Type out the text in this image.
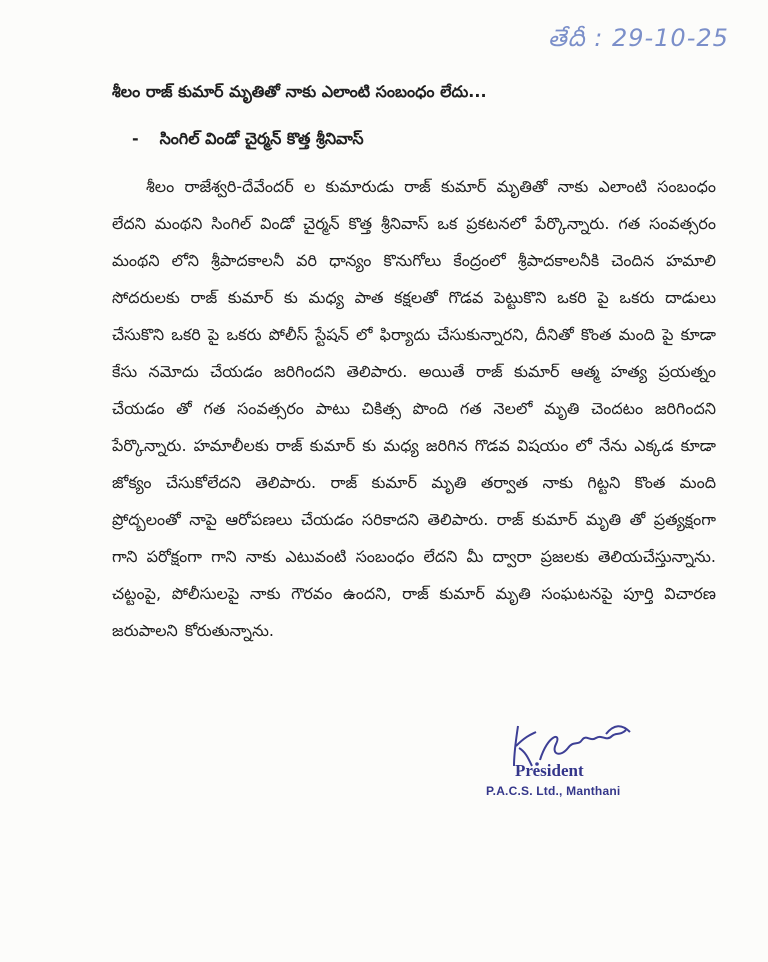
తేదీ : 29-10-25
శీలం రాజ్ కుమార్ మృతితో నాకు ఎలాంటి సంబంధం లేదు...
- సింగిల్ విండో చైర్మన్ కొత్త శ్రీనివాస్

శీలం రాజేశ్వరి-దేవేందర్ ల కుమారుడు రాజ్ కుమార్ మృతితో నాకు ఎలాంటి సంబంధం లేదని మంథని సింగిల్ విండో చైర్మన్ కొత్త శ్రీనివాస్ ఒక ప్రకటనలో పేర్కొన్నారు. గత సంవత్సరం మంథని లోని శ్రీపాదకాలనీ వరి ధాన్యం కొనుగోలు కేంద్రంలో శ్రీపాదకాలనీకి చెందిన హమాలి సోదరులకు రాజ్ కుమార్ కు మధ్య పాత కక్షలతో గొడవ పెట్టుకొని ఒకరి పై ఒకరు దాడులు చేసుకొని ఒకరి పై ఒకరు పోలీస్ స్టేషన్ లో ఫిర్యాదు చేసుకున్నారని, దీనితో కొంత మంది పై కూడా కేసు నమోదు చేయడం జరిగిందని తెలిపారు. అయితే రాజ్ కుమార్ ఆత్మ హత్య ప్రయత్నం చేయడం తో గత సంవత్సరం పాటు చికిత్స పొంది గత నెలలో మృతి చెందటం జరిగిందని పేర్కొన్నారు. హమాలీలకు రాజ్ కుమార్ కు మధ్య జరిగిన గొడవ విషయం లో నేను ఎక్కడ కూడా జోక్యం చేసుకోలేదని తెలిపారు. రాజ్ కుమార్ మృతి తర్వాత నాకు గిట్టని కొంత మంది ప్రోద్బలంతో నాపై ఆరోపణలు చేయడం సరికాదని తెలిపారు. రాజ్ కుమార్ మృతి తో ప్రత్యక్షంగా గాని పరోక్షంగా గాని నాకు ఎటువంటి సంబంధం లేదని మీ ద్వారా ప్రజలకు తెలియచేస్తున్నాను. చట్టంపై, పోలీసులపై నాకు గౌరవం ఉందని, రాజ్ కుమార్ మృతి సంఘటనపై పూర్తి విచారణ జరుపాలని కోరుతున్నాను.

President
P.A.C.S. Ltd., Manthani
